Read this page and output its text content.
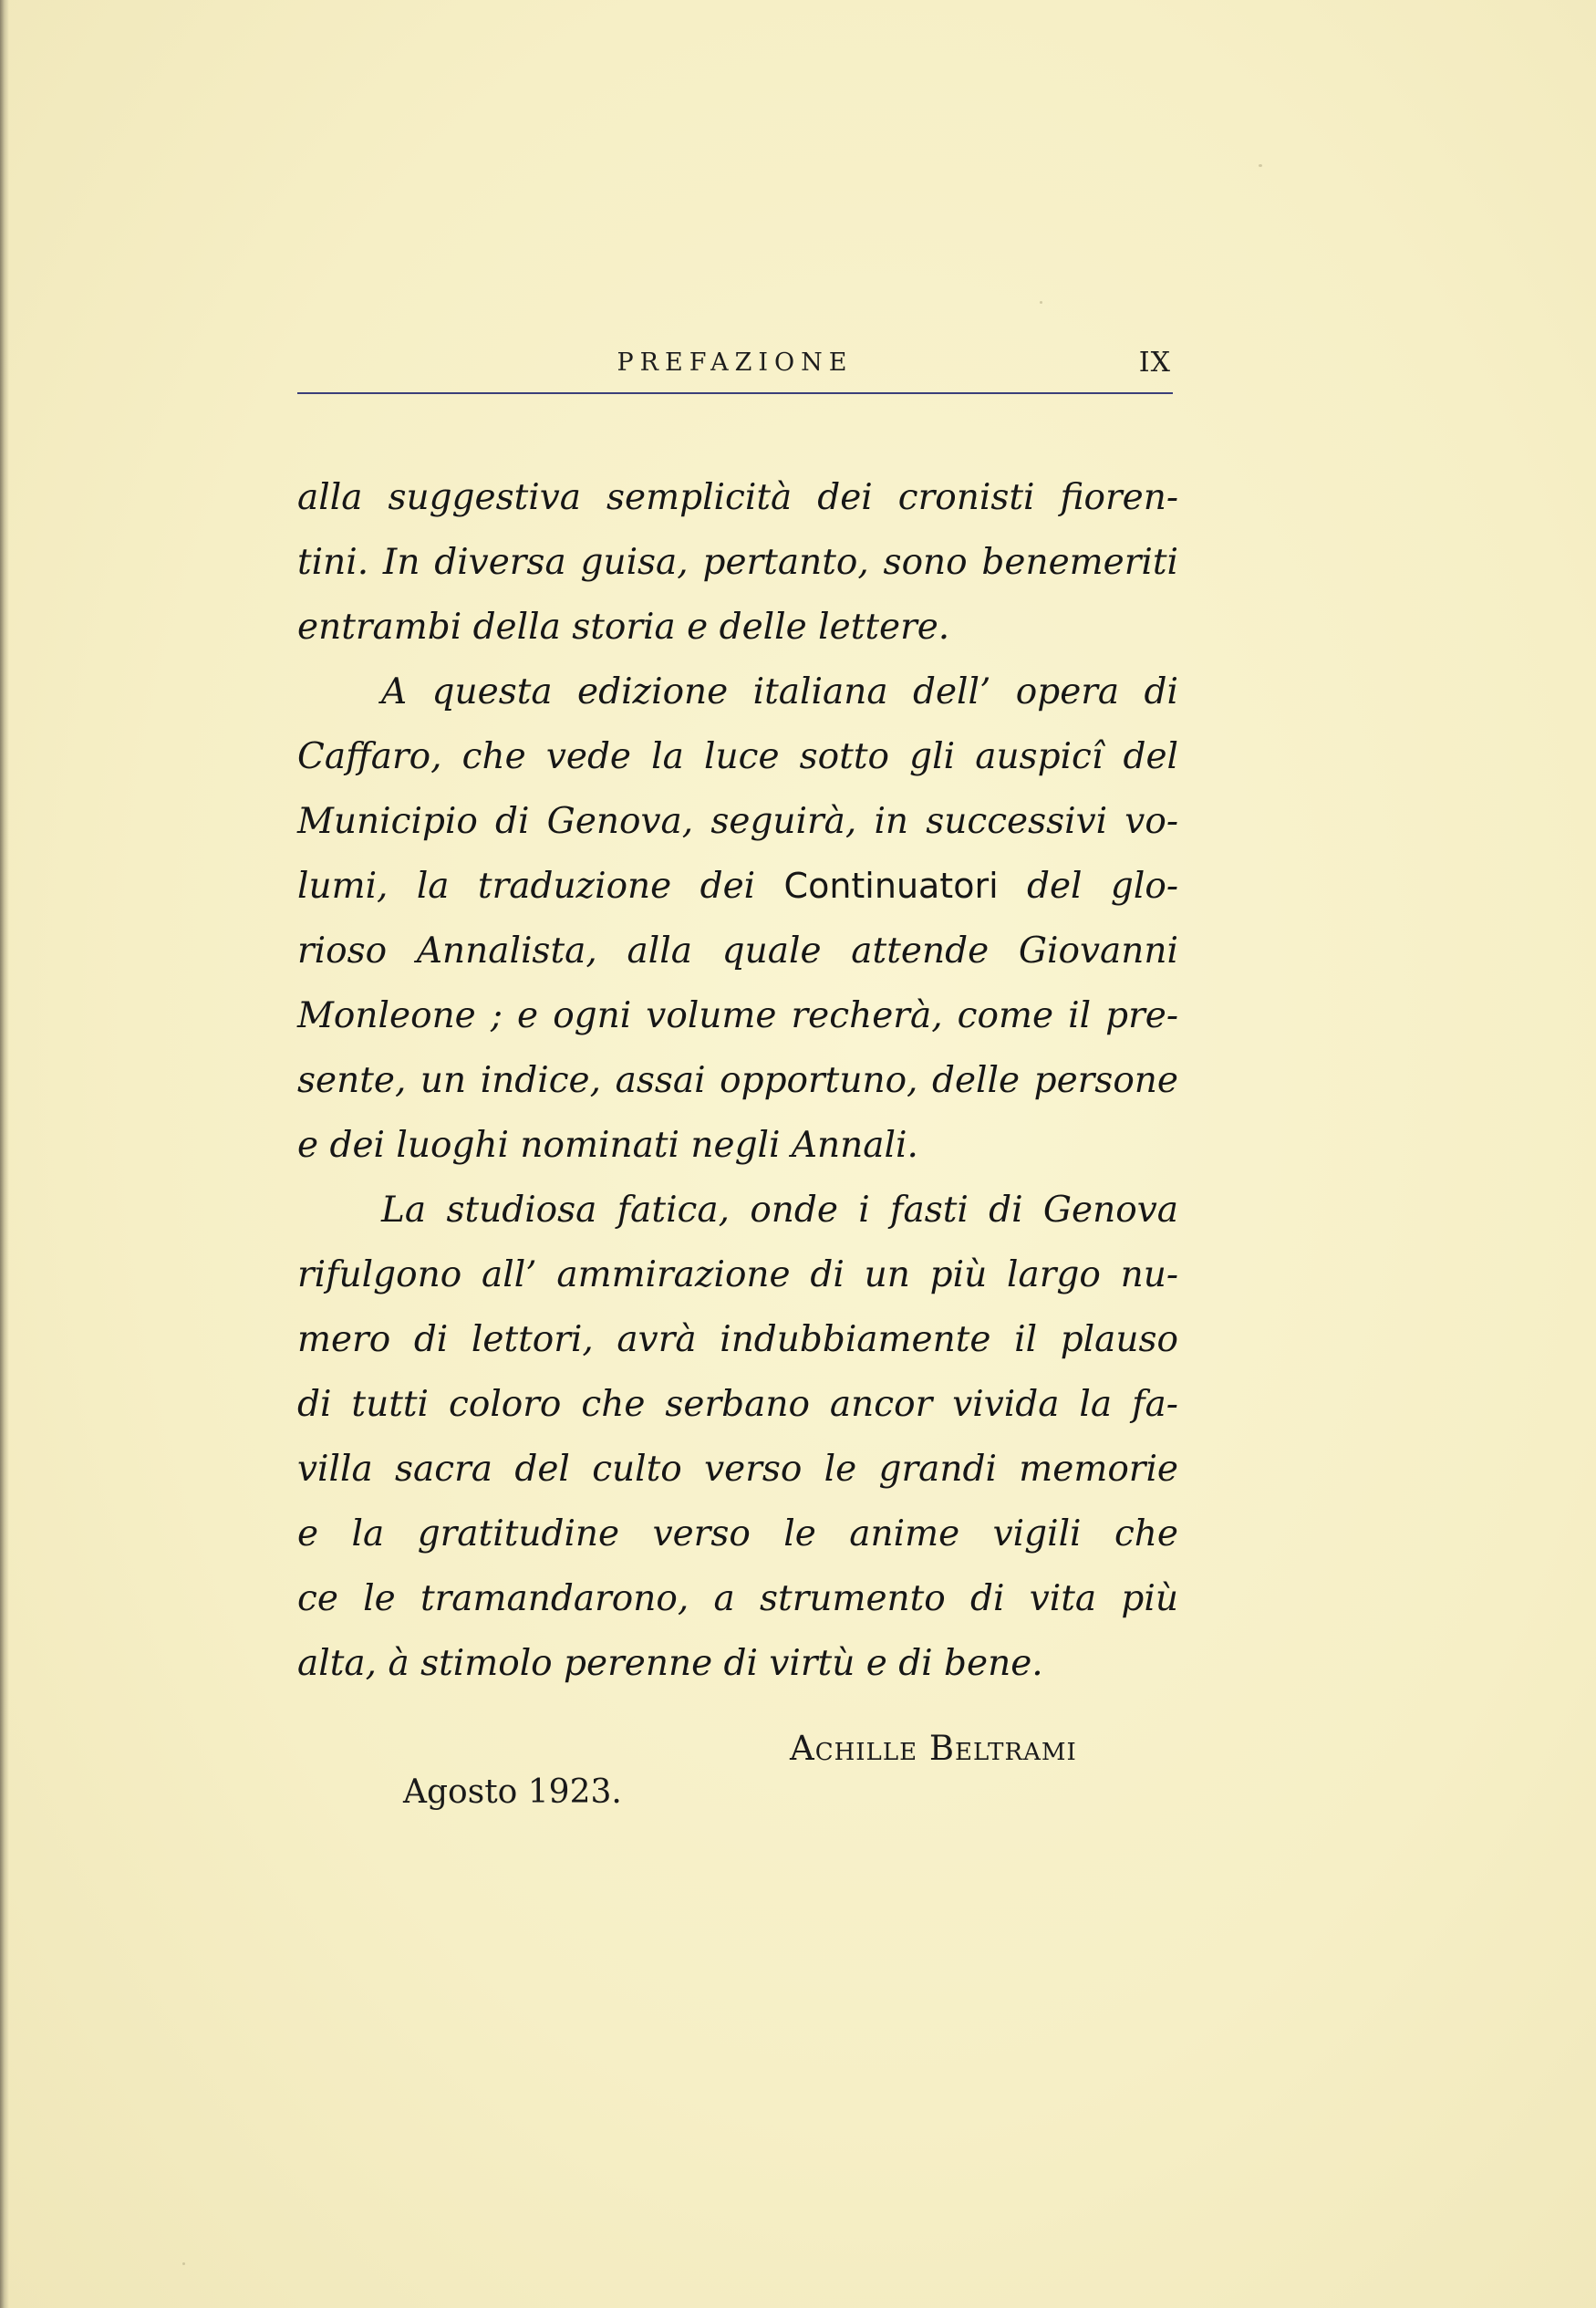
PREFAZIONE	IX

alla suggestiva semplicità dei cronisti fioren-
tini. In diversa guisa, pertanto, sono benemeriti
entrambi della storia e delle lettere.

A questa edizione italiana dell’ opera di
Caffaro, che vede la luce sotto gli auspicî del
Municipio di Genova, seguirà, in successivi vo-
lumi, la traduzione dei Continuatori del glo-
rioso Annalista, alla quale attende Giovanni
Monleone ; e ogni volume recherà, come il pre-
sente, un indice, assai opportuno, delle persone
e dei luoghi nominati negli Annali.

La studiosa fatica, onde i fasti di Genova
rifulgono all’ ammirazione di un più largo nu-
mero di lettori, avrà indubbiamente il plauso
di tutti coloro che serbano ancor vivida la fa-
villa sacra del culto verso le grandi memorie
e la gratitudine verso le anime vigili che
ce le tramandarono, a strumento di vita più
alta, à stimolo perenne di virtù e di bene.

Achille Beltrami
Agosto 1923.
